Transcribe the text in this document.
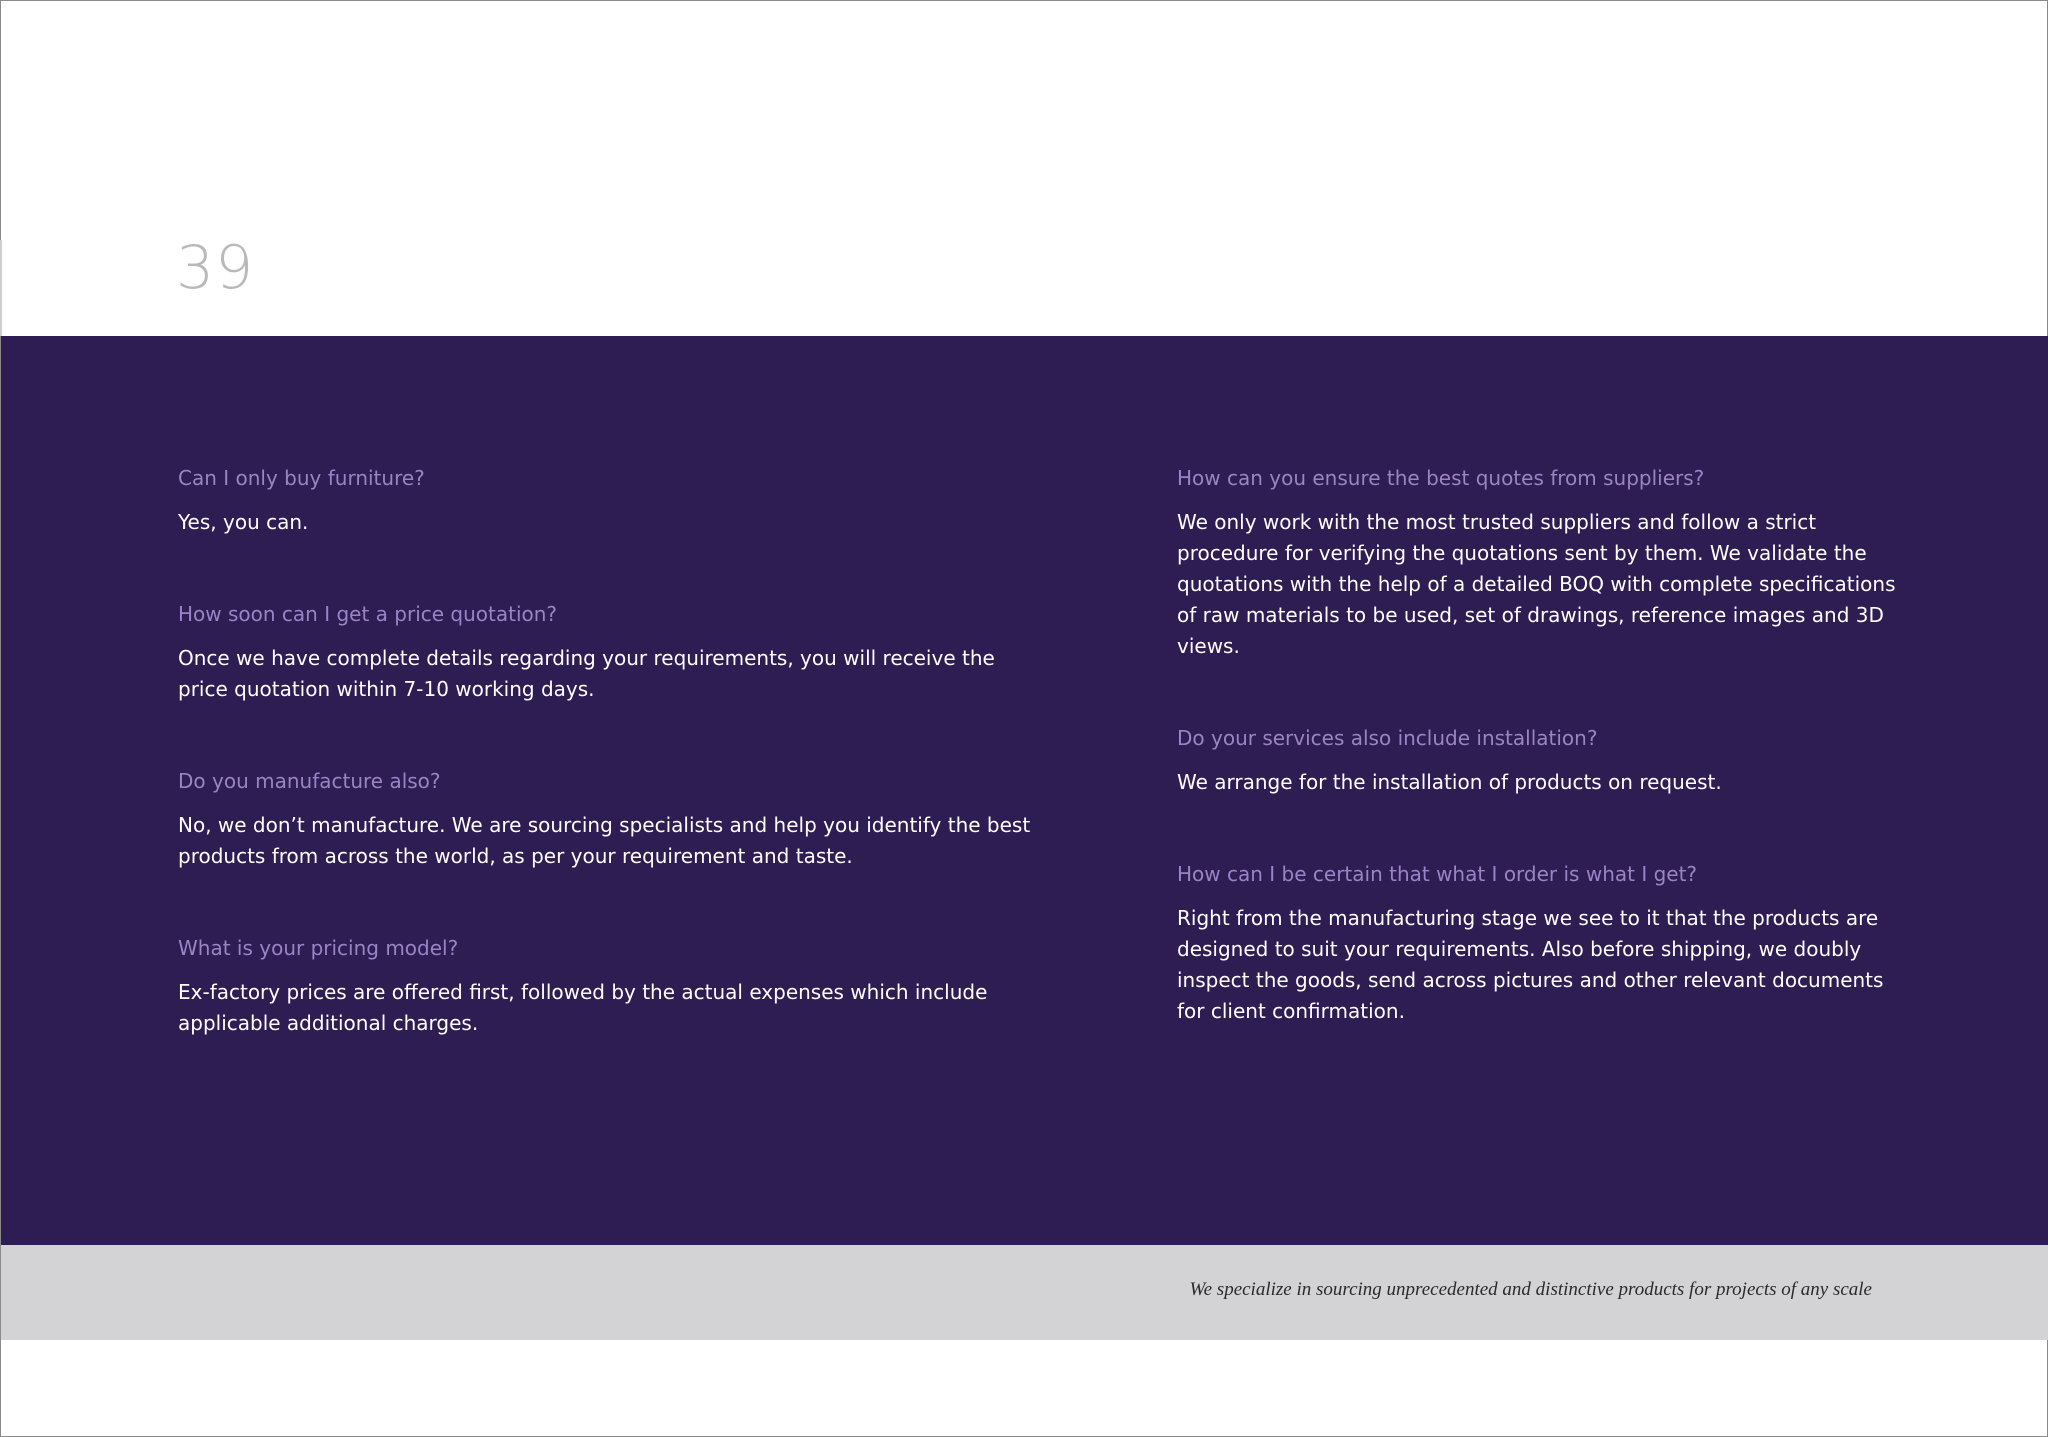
39

Can I only buy furniture?

Yes, you can.

How soon can I get a price quotation?

Once we have complete details regarding your requirements, you will receive the price quotation within 7-10 working days.

Do you manufacture also?

No, we don’t manufacture. We are sourcing specialists and help you identify the best products from across the world, as per your requirement and taste.

What is your pricing model?

Ex-factory prices are offered first, followed by the actual expenses which include applicable additional charges.

How can you ensure the best quotes from suppliers?

We only work with the most trusted suppliers and follow a strict procedure for verifying the quotations sent by them. We validate the quotations with the help of a detailed BOQ with complete specifications of raw materials to be used, set of drawings, reference images and 3D views.

Do your services also include installation?

We arrange for the installation of products on request.

How can I be certain that what I order is what I get?

Right from the manufacturing stage we see to it that the products are designed to suit your requirements. Also before shipping, we doubly inspect the goods, send across pictures and other relevant documents for client confirmation.

We specialize in sourcing unprecedented and distinctive products for projects of any scale
